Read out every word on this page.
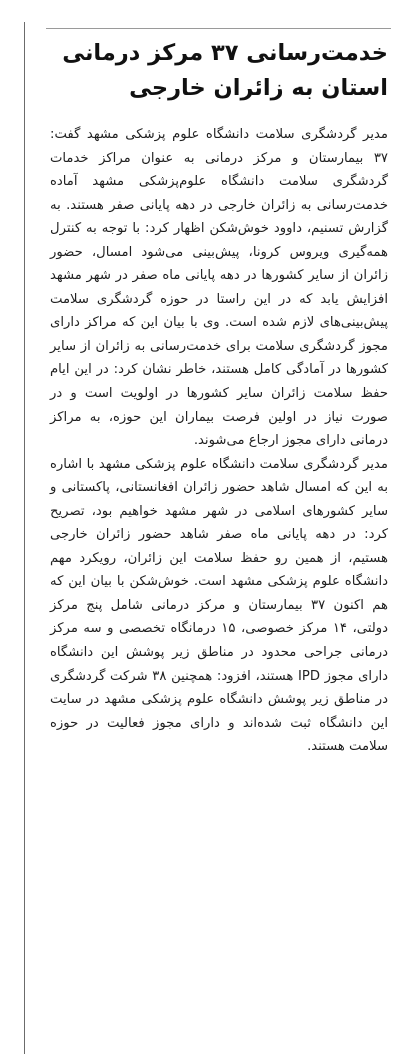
خدمت‌رسانی ۳۷ مرکز درمانی استان به زائران خارجی

مدیر گردشگری سلامت دانشگاه علوم پزشکی مشهد گفت: ۳۷ بیمارستان و مرکز درمانی به عنوان مراکز خدمات گردشگری سلامت دانشگاه علوم‌پزشکی مشهد آماده خدمت‌رسانی به زائران خارجی در دهه پایانی صفر هستند. به گزارش تسنیم، داوود خوش‌شکن اظهار کرد: با توجه به کنترل همه‌گیری ویروس کرونا، پیش‌بینی می‌شود امسال، حضور زائران از سایر کشورها در دهه پایانی ماه صفر در شهر مشهد افزایش یابد که در این راستا در حوزه گردشگری سلامت پیش‌بینی‌های لازم شده است. وی با بیان این که مراکز دارای مجوز گردشگری سلامت برای خدمت‌رسانی به زائران از سایر کشورها در آمادگی کامل هستند، خاطر نشان کرد: در این ایام حفظ سلامت زائران سایر کشورها در اولویت است و در صورت نیاز در اولین فرصت بیماران این حوزه، به مراکز درمانی دارای مجوز ارجاع می‌شوند.

مدیر گردشگری سلامت دانشگاه علوم پزشکی مشهد با اشاره به این که امسال شاهد حضور زائران افغانستانی، پاکستانی و سایر کشورهای اسلامی در شهر مشهد خواهیم بود، تصریح کرد: در دهه پایانی ماه صفر شاهد حضور زائران خارجی هستیم، از همین رو حفظ سلامت این زائران، رویکرد مهم دانشگاه علوم پزشکی مشهد است. خوش‌شکن با بیان این که هم اکنون ۳۷ بیمارستان و مرکز درمانی شامل پنج مرکز دولتی، ۱۴ مرکز خصوصی، ۱۵ درمانگاه تخصصی و سه مرکز درمانی جراحی محدود در مناطق زیر پوشش این دانشگاه دارای مجوز IPD هستند، افزود: همچنین ۳۸ شرکت گردشگری در مناطق زیر پوشش دانشگاه علوم پزشکی مشهد در سایت این دانشگاه ثبت شده‌اند و دارای مجوز فعالیت در حوزه سلامت هستند.
